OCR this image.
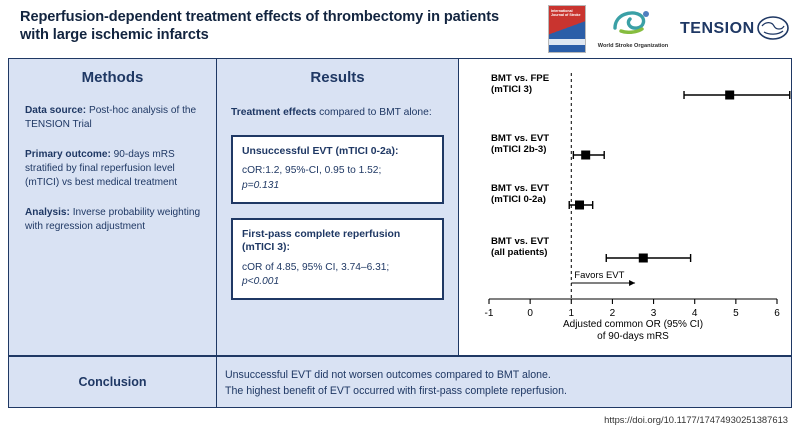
Reperfusion-dependent treatment effects of thrombectomy in patients with large ischemic infarcts
International Journal of Stroke
World Stroke Organization
TENSION
Methods
Data source: Post-hoc analysis of the TENSION Trial
Primary outcome: 90-days mRS stratified by final reperfusion level (mTICI) vs best medical treatment
Analysis: Inverse probability weighting with regression adjustment
Results
Treatment effects compared to BMT alone:
Unsuccessful EVT (mTICI 0-2a):
cOR:1.2, 95%-CI, 0.95 to 1.52;
p=0.131
First-pass complete reperfusion (mTICI 3):
cOR of 4.85, 95% CI, 3.74–6.31;
p<0.001
-1	0	1	2	3	4	5	6
BMT vs. FPE
(mTICI 3)
BMT vs. EVT
(mTICI 2b-3)
BMT vs. EVT
(mTICI 0-2a)
BMT vs. EVT
(all patients)
Favors EVT
Adjusted common OR (95% CI)
of 90-days mRS
Conclusion	Unsuccessful EVT did not worsen outcomes compared to BMT alone.
The highest benefit of EVT occurred with first-pass complete reperfusion.
https://doi.org/10.1177/17474930251387613
